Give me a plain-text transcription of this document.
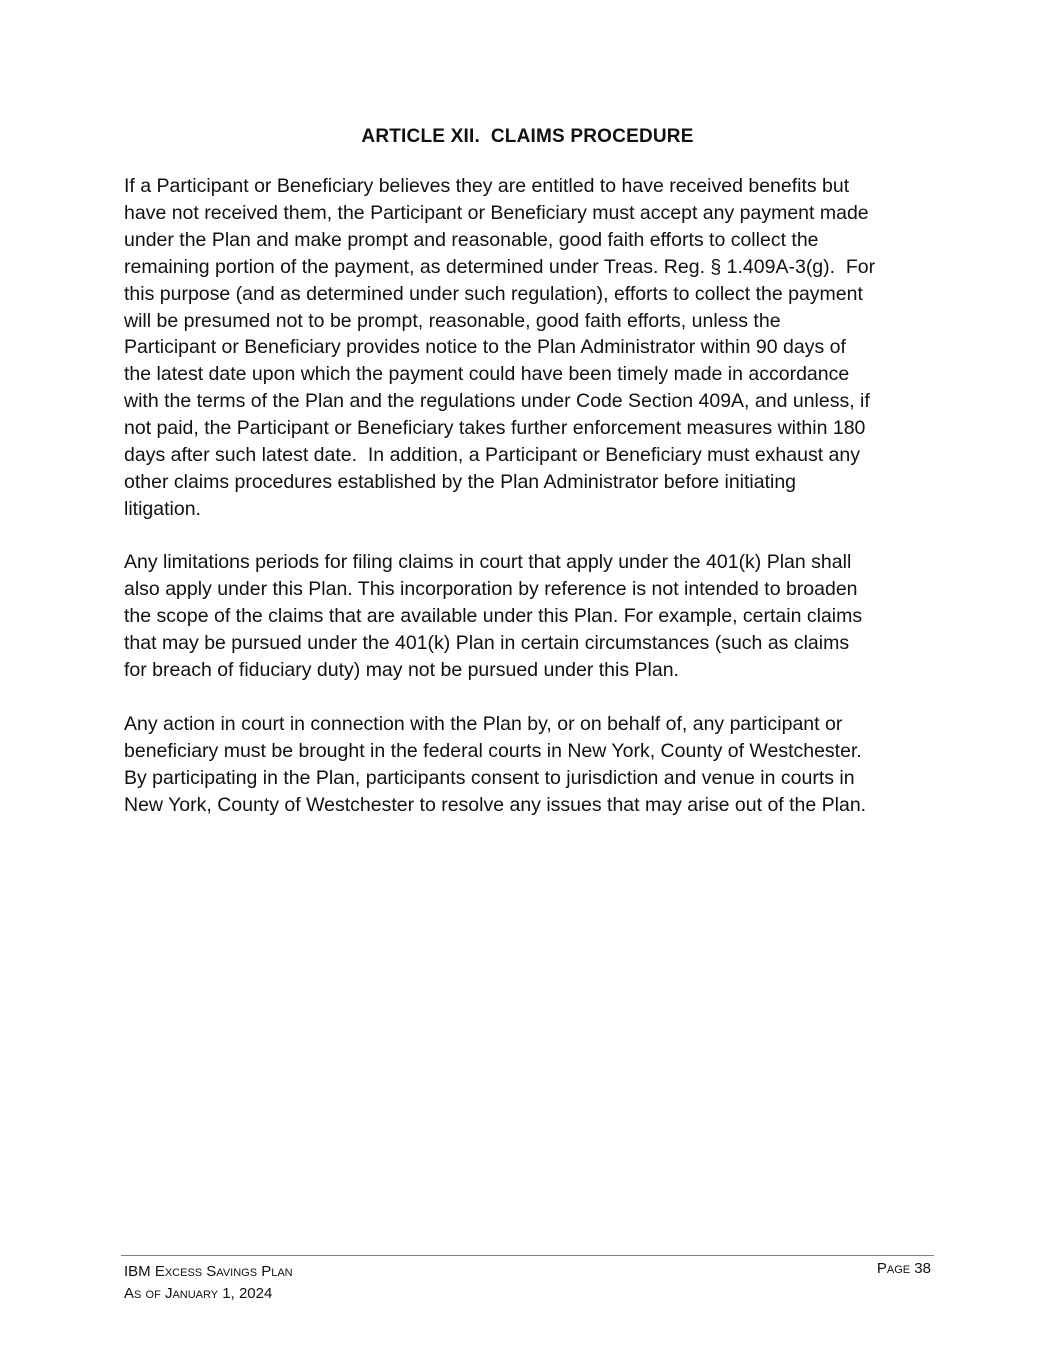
ARTICLE XII.  CLAIMS PROCEDURE
If a Participant or Beneficiary believes they are entitled to have received benefits but
have not received them, the Participant or Beneficiary must accept any payment made
under the Plan and make prompt and reasonable, good faith efforts to collect the
remaining portion of the payment, as determined under Treas. Reg. § 1.409A-3(g).  For
this purpose (and as determined under such regulation), efforts to collect the payment
will be presumed not to be prompt, reasonable, good faith efforts, unless the
Participant or Beneficiary provides notice to the Plan Administrator within 90 days of
the latest date upon which the payment could have been timely made in accordance
with the terms of the Plan and the regulations under Code Section 409A, and unless, if
not paid, the Participant or Beneficiary takes further enforcement measures within 180
days after such latest date.  In addition, a Participant or Beneficiary must exhaust any
other claims procedures established by the Plan Administrator before initiating
litigation.
Any limitations periods for filing claims in court that apply under the 401(k) Plan shall
also apply under this Plan. This incorporation by reference is not intended to broaden
the scope of the claims that are available under this Plan. For example, certain claims
that may be pursued under the 401(k) Plan in certain circumstances (such as claims
for breach of fiduciary duty) may not be pursued under this Plan.
Any action in court in connection with the Plan by, or on behalf of, any participant or
beneficiary must be brought in the federal courts in New York, County of Westchester.
By participating in the Plan, participants consent to jurisdiction and venue in courts in
New York, County of Westchester to resolve any issues that may arise out of the Plan.
IBM Excess Savings Plan
As of January 1, 2024
Page 38
